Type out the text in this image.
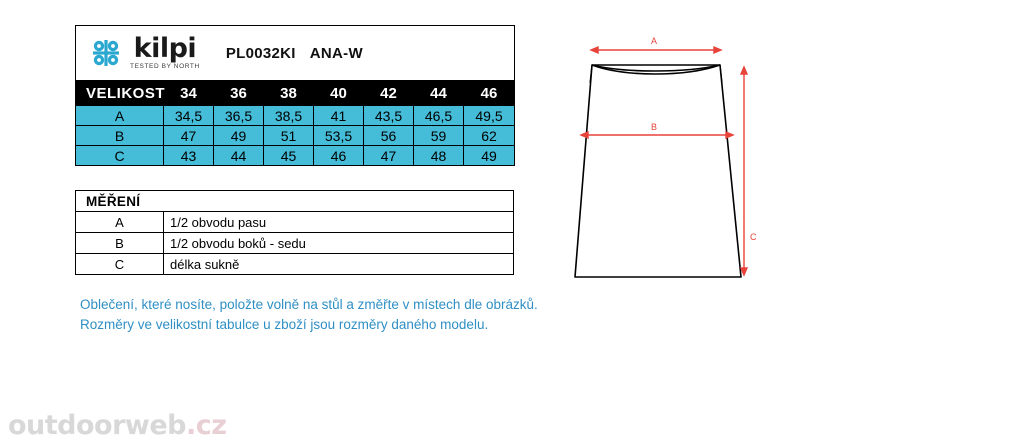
kilpi
TESTED BY NORTH
PL0032KI ANA-W							

VELIKOST	34	36	38	40	42	44	46
A	34,5	36,5	38,5	41	43,5	46,5	49,5
B	47	49	51	53,5	56	59	62
C	43	44	45	46	47	48	49
MĚŘENÍ	
A	1/2 obvodu pasu
B	1/2 obvodu boků - sedu
C	délka sukně
Oblečení, které nosíte, položte volně na stůl a změřte v místech dle obrázků.
Rozměry ve velikostní tabulce u zboží jsou rozměry daného modelu.
A
B
C
outdoorweb.cz
